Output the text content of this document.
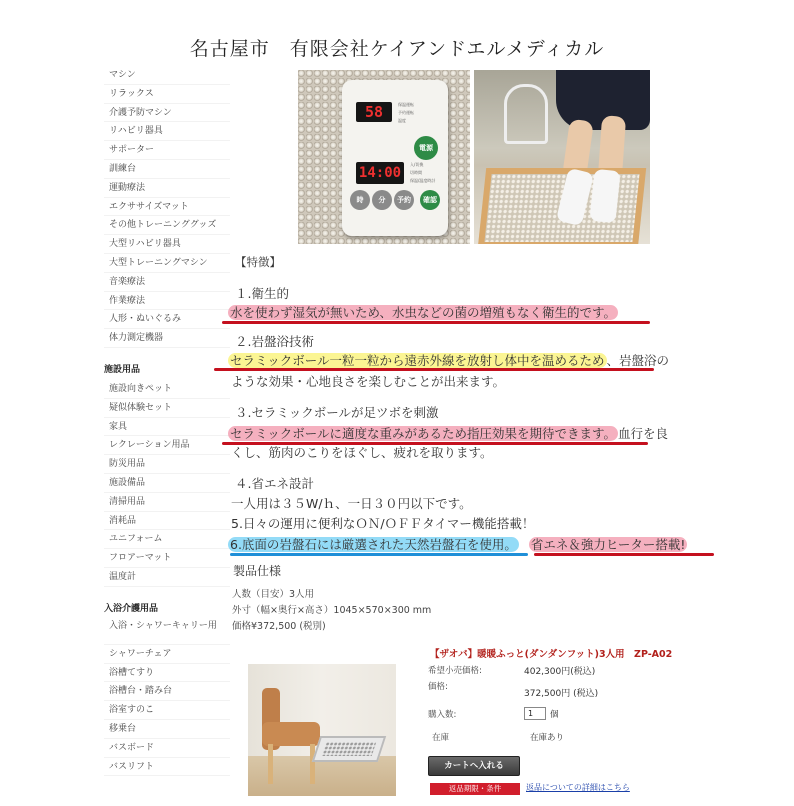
名古屋市　有限会社ケイアンドエルメディカル
マシン
リラックス
介護予防マシン
リハビリ器具
サポーター
訓練台
運動療法
エクササイズマット
その他トレーニンググッズ
大型リハビリ器具
大型トレーニングマシン
音楽療法
作業療法
人形・ぬいぐるみ
体力測定機器
施設用品
施設向きペット
疑似体験セット
家具
レクレーション用品
防災用品
施設備品
清掃用品
消耗品
ユニフォーム
フロアーマット
温度計
入浴介護用品
入浴・シャワーキャリー用
シャワーチェア
浴槽てすり
浴槽台・踏み台
浴室すのこ
移乗台
バスボード
バスリフト
58	保温運転
予約運転
温度
電源
14:00
入/切換
切時間
保温/温度時計
時	分	予約	確認
【特徴】
１.衛生的
水を使わず湿気が無いため、水虫などの菌の増殖もなく衛生的です。
２.岩盤浴技術
セラミックボール一粒一粒から遠赤外線を放射し体中を温めるため 、岩盤浴の
ような効果・心地良さを楽しむことが出来ます。
３.セラミックボールが足ツボを刺激
セラミックボールに適度な重みがあるため指圧効果を期待できます。 血行を良
くし、筋肉のこりをほぐし、疲れを取ります。
４.省エネ設計
一人用は３５W/ｈ、一日３０円以下です。
5.日々の運用に便利なＯＮ/ＯＦＦタイマー機能搭載！
6.底面の岩盤石には厳選された天然岩盤石を使用。 省エネ＆強力ヒーター搭載!
製品仕様
人数（目安）3人用
外寸（幅×奥行×高さ）1045×570×300 mm
価格¥372,500 (税別)
【ザオバ】暖暖ふっと(ダンダンフット)3人用　ZP-A02
希望小売価格:	402,300円(税込)
価格:
372,500円 (税込)
購入数:	1	個
在庫	在庫あり
カートへ入れる
返品期限・条件	返品についての詳細はこちら
